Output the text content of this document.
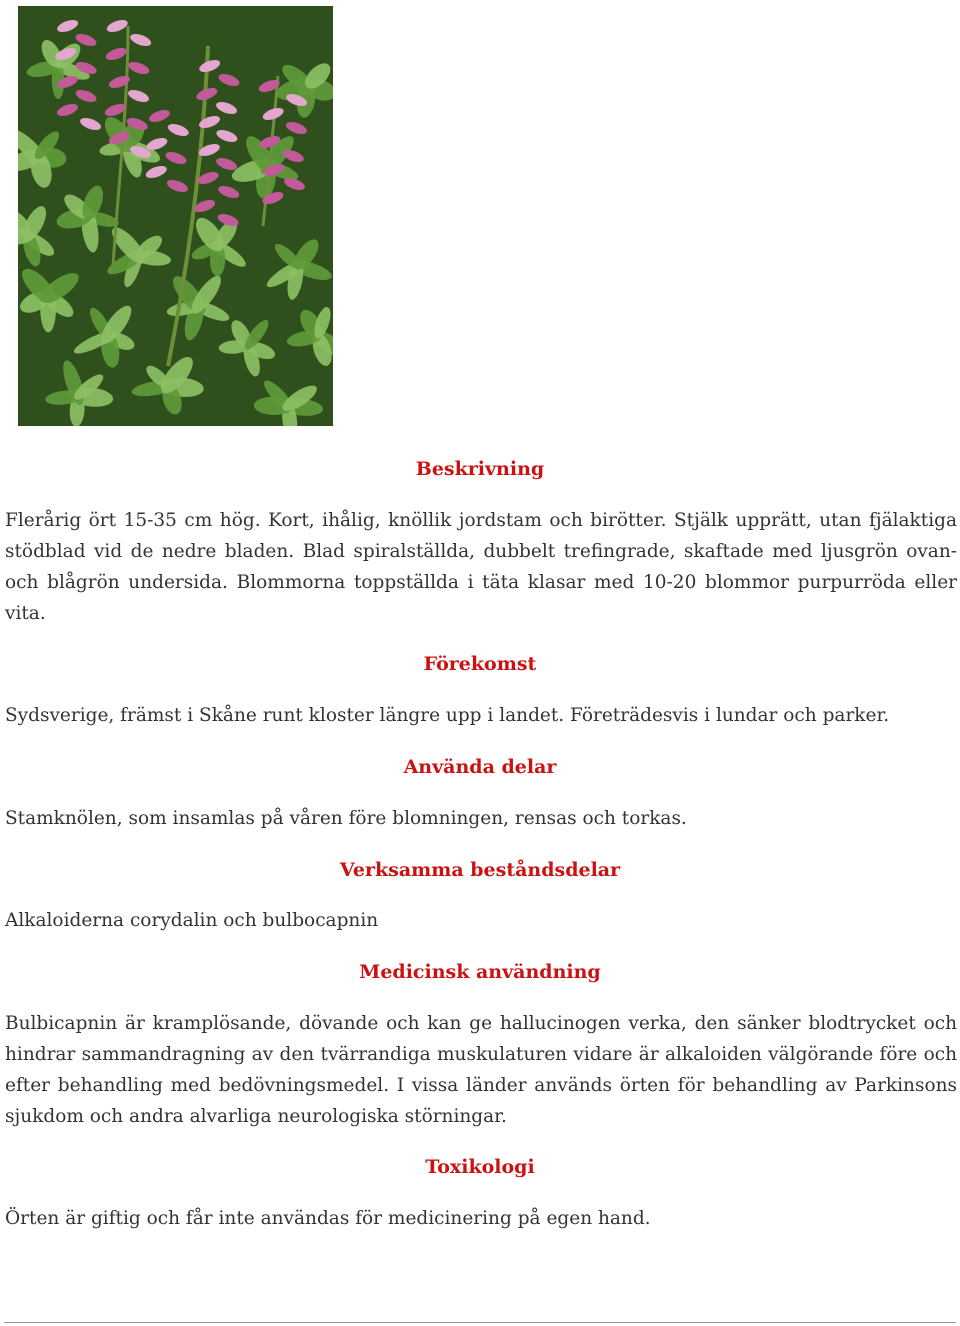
Beskrivning

Flerårig ört 15-35 cm hög. Kort, ihålig, knöllik jordstam och birötter. Stjälk upprätt, utan fjälaktiga stödblad vid de nedre bladen. Blad spiralställda, dubbelt trefingrade, skaftade med ljusgrön ovan- och blågrön undersida. Blommorna toppställda i täta klasar med 10-20 blommor purpurröda eller vita.

Förekomst

Sydsverige, främst i Skåne runt kloster längre upp i landet. Företrädesvis i lundar och parker.

Använda delar

Stamknölen, som insamlas på våren före blomningen, rensas och torkas.

Verksamma beståndsdelar

Alkaloiderna corydalin och bulbocapnin

Medicinsk användning

Bulbicapnin är kramplösande, dövande och kan ge hallucinogen verka, den sänker blodtrycket och hindrar sammandragning av den tvärrandiga muskulaturen vidare är alkaloiden välgörande före och efter behandling med bedövningsmedel. I vissa länder används örten för behandling av Parkinsons sjukdom och andra alvarliga neurologiska störningar.

Toxikologi

Örten är giftig och får inte användas för medicinering på egen hand.
